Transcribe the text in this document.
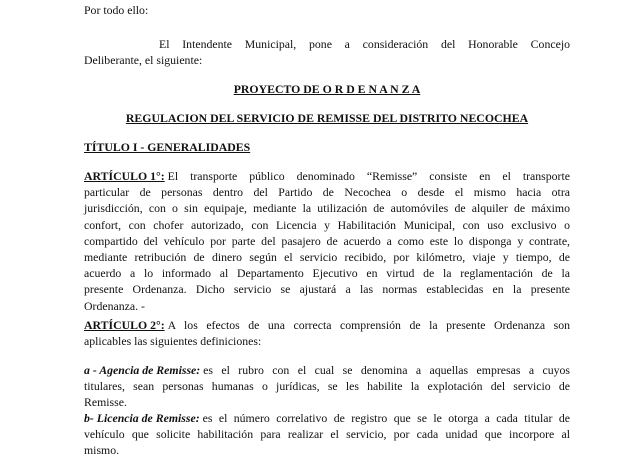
Por todo ello:

El Intendente Municipal, pone a consideración del Honorable Concejo
Deliberante, el siguiente:

PROYECTO DE O R D E N A N Z A

REGULACION DEL SERVICIO DE REMISSE DEL DISTRITO NECOCHEA

TÍTULO I - GENERALIDADES

ARTÍCULO 1°:
El transporte público denominado “Remisse” consiste en el transporte
particular de personas dentro del Partido de Necochea o desde el mismo hacia otra
jurisdicción, con o sin equipaje, mediante la utilización de automóviles de alquiler de máximo
confort, con chofer autorizado, con Licencia y Habilitación Municipal, con uso exclusivo o
compartido del vehículo por parte del pasajero de acuerdo a como este lo disponga y contrate,
mediante retribución de dinero según el servicio recibido, por kilómetro, viaje y tiempo, de
acuerdo a lo informado al Departamento Ejecutivo en virtud de la reglamentación de la
presente Ordenanza. Dicho servicio se ajustará a las normas establecidas en la presente
Ordenanza. -
ARTÍCULO 2°:
A los efectos de una correcta comprensión de la presente Ordenanza son
aplicables las siguientes definiciones:
a - Agencia de Remisse:
es el rubro con el cual se denomina a aquellas empresas a cuyos
titulares, sean personas humanas o jurídicas, se les habilite la explotación del servicio de
Remisse.
b- Licencia de Remisse:
es el número correlativo de registro que se le otorga a cada titular de
vehículo que solicite habilitación para realizar el servicio, por cada unidad que incorpore al
mismo.
